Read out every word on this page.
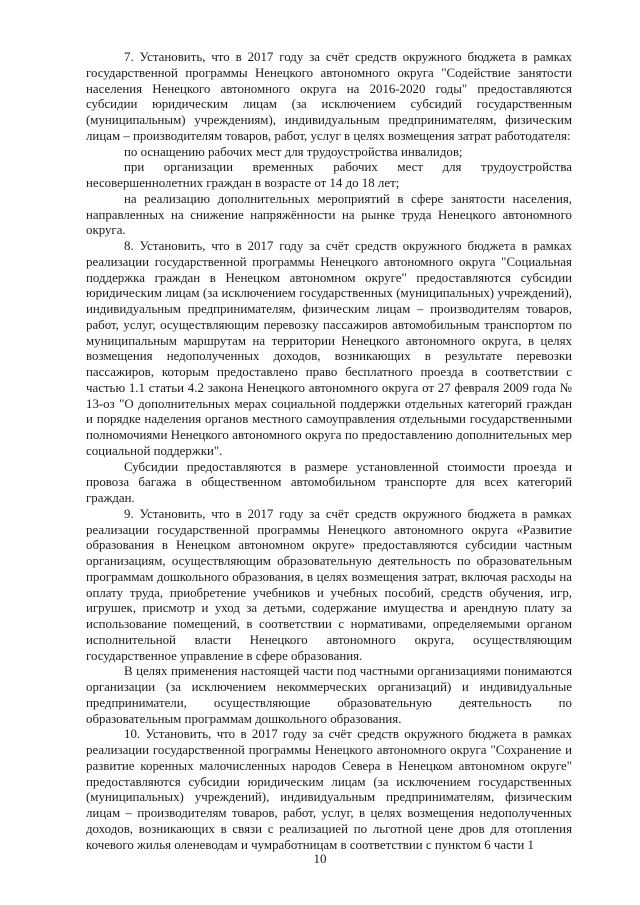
7. Установить, что в 2017 году за счёт средств окружного бюджета в рамках государственной программы Ненецкого автономного округа "Содействие занятости населения Ненецкого автономного округа на 2016-2020 годы" предоставляются субсидии юридическим лицам (за исключением субсидий государственным (муниципальным) учреждениям), индивидуальным предпринимателям, физическим лицам – производителям товаров, работ, услуг в целях возмещения затрат работодателя:

по оснащению рабочих мест для трудоустройства инвалидов;

при организации временных рабочих мест для трудоустройства несовершеннолетних граждан в возрасте от 14 до 18 лет;

на реализацию дополнительных мероприятий в сфере занятости населения, направленных на снижение напряжённости на рынке труда Ненецкого автономного округа.

8. Установить, что в 2017 году за счёт средств окружного бюджета в рамках реализации государственной программы Ненецкого автономного округа "Социальная поддержка граждан в Ненецком автономном округе" предоставляются субсидии юридическим лицам (за исключением государственных (муниципальных) учреждений), индивидуальным предпринимателям, физическим лицам – производителям товаров, работ, услуг, осуществляющим перевозку пассажиров автомобильным транспортом по муниципальным маршрутам на территории Ненецкого автономного округа, в целях возмещения недополученных доходов, возникающих в результате перевозки пассажиров, которым предоставлено право бесплатного проезда в соответствии с частью 1.1 статьи 4.2 закона Ненецкого автономного округа от 27 февраля 2009 года № 13-оз "О дополнительных мерах социальной поддержки отдельных категорий граждан и порядке наделения органов местного самоуправления отдельными государственными полномочиями Ненецкого автономного округа по предоставлению дополнительных мер социальной поддержки".

Субсидии предоставляются в размере установленной стоимости проезда и провоза багажа в общественном автомобильном транспорте для всех категорий граждан.

9. Установить, что в 2017 году за счёт средств окружного бюджета в рамках реализации государственной программы Ненецкого автономного округа «Развитие образования в Ненецком автономном округе» предоставляются субсидии частным организациям, осуществляющим образовательную деятельность по образовательным программам дошкольного образования, в целях возмещения затрат, включая расходы на оплату труда, приобретение учебников и учебных пособий, средств обучения, игр, игрушек, присмотр и уход за детьми, содержание имущества и арендную плату за использование помещений, в соответствии с нормативами, определяемыми органом исполнительной власти Ненецкого автономного округа, осуществляющим государственное управление в сфере образования.

В целях применения настоящей части под частными организациями понимаются организации (за исключением некоммерческих организаций) и индивидуальные предприниматели, осуществляющие образовательную деятельность по образовательным программам дошкольного образования.

10. Установить, что в 2017 году за счёт средств окружного бюджета в рамках реализации государственной программы Ненецкого автономного округа "Сохранение и развитие коренных малочисленных народов Севера в Ненецком автономном округе" предоставляются субсидии юридическим лицам (за исключением государственных (муниципальных) учреждений), индивидуальным предпринимателям, физическим лицам – производителям товаров, работ, услуг, в целях возмещения недополученных доходов, возникающих в связи с реализацией по льготной цене дров для отопления кочевого жилья оленеводам и чумработницам в соответствии с пунктом 6 части 1

10
